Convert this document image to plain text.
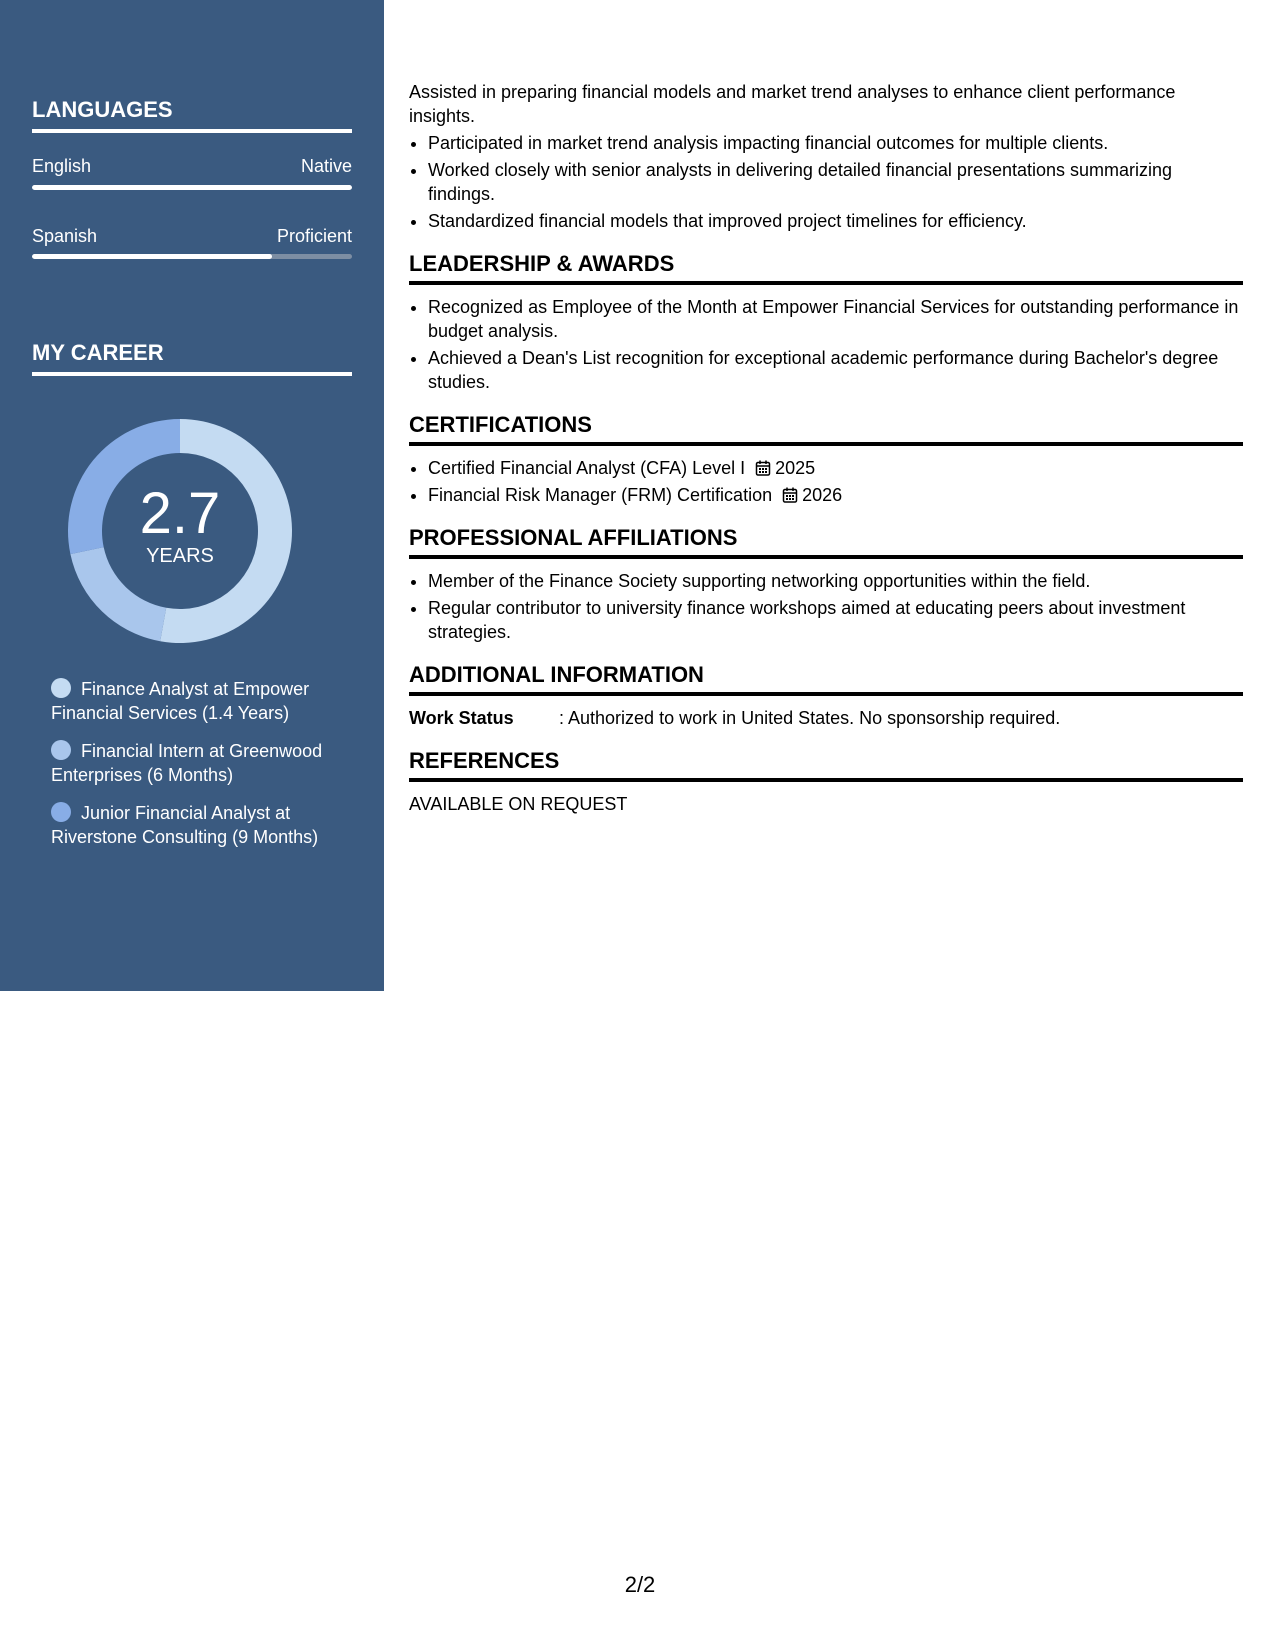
LANGUAGES
English	Native
Spanish	Proficient
MY CAREER
2.7
YEARS
Finance Analyst at Empower Financial Services (1.4 Years)
Financial Intern at Greenwood Enterprises (6 Months)
Junior Financial Analyst at Riverstone Consulting (9 Months)

Assisted in preparing financial models and market trend analyses to enhance client performance insights.

• Participated in market trend analysis impacting financial outcomes for multiple clients.
• Worked closely with senior analysts in delivering detailed financial presentations summarizing findings.
• Standardized financial models that improved project timelines for efficiency.
LEADERSHIP & AWARDS
• Recognized as Employee of the Month at Empower Financial Services for outstanding performance in budget analysis.
• Achieved a Dean's List recognition for exceptional academic performance during Bachelor's degree studies.
CERTIFICATIONS
• Certified Financial Analyst (CFA) Level I 2025
• Financial Risk Manager (FRM) Certification 2026
PROFESSIONAL AFFILIATIONS
• Member of the Finance Society supporting networking opportunities within the field.
• Regular contributor to university finance workshops aimed at educating peers about investment strategies.
ADDITIONAL INFORMATION
Work Status	: Authorized to work in United States. No sponsorship required.
REFERENCES

AVAILABLE ON REQUEST

2/2
